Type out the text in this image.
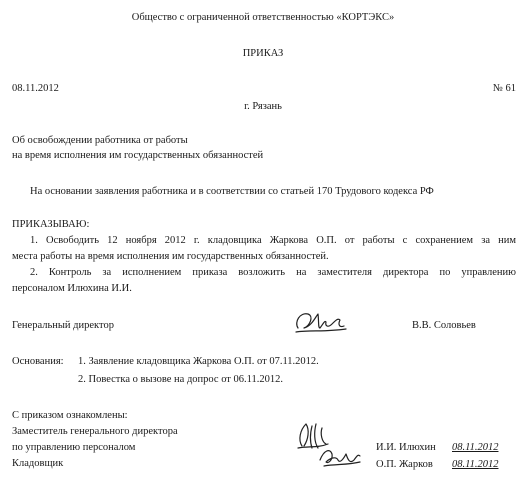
Общество с ограниченной ответственностью «КОРТЭКС»
ПРИКАЗ
08.11.2012	№ 61
г. Рязань
Об освобождении работника от работы
на время исполнения им государственных обязанностей
На основании заявления работника и в соответствии со статьей 170 Трудового кодекса РФ
ПРИКАЗЫВАЮ:
1. Освободить 12 ноября 2012 г. кладовщика Жаркова О.П. от работы с сохранением за ним
места работы на время исполнения им государственных обязанностей.
2. Контроль за исполнением приказа возложить на заместителя директора по управлению
персоналом Илюхина И.И.
Генеральный директор	В.В. Соловьев
Основания: 1. Заявление кладовщика Жаркова О.П. от 07.11.2012.
2. Повестка о вызове на допрос от 06.11.2012.
С приказом ознакомлены:
Заместитель генерального директора
по управлению персоналом
Кладовщик
И.И. Илюхин 08.11.2012
О.П. Жарков 08.11.2012
